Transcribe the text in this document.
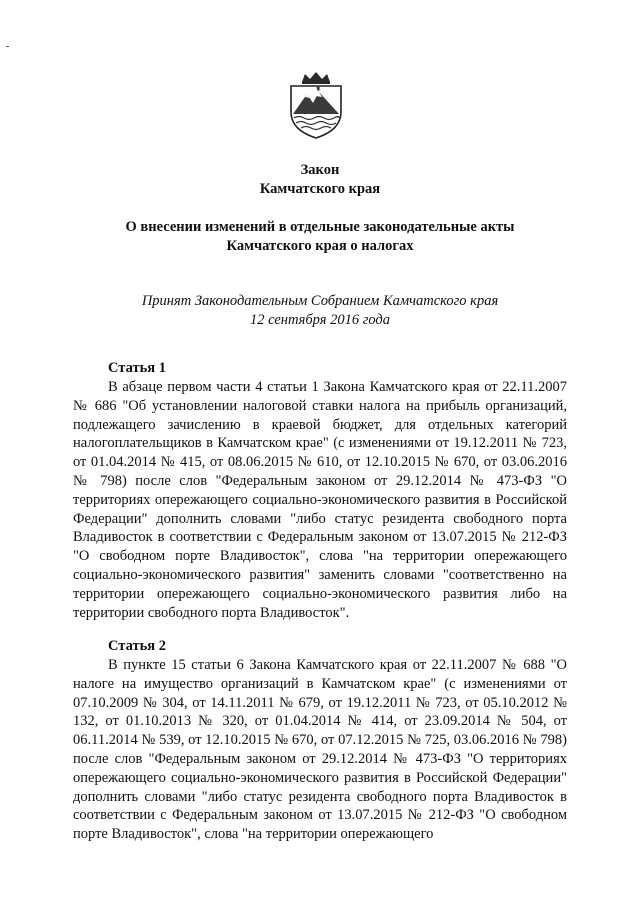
Закон
Камчатского края
О внесении изменений в отдельные законодательные акты
Камчатского края о налогах
Принят Законодательным Собранием Камчатского края
12 сентября 2016 года
Статья 1

В абзаце первом части 4 статьи 1 Закона Камчатского края от 22.11.2007 № 686 "Об установлении налоговой ставки налога на прибыль организаций, подлежащего зачислению в краевой бюджет, для отдельных категорий налогоплательщиков в Камчатском крае" (с изменениями от 19.12.2011 № 723, от 01.04.2014 № 415, от 08.06.2015 № 610, от 12.10.2015 № 670, от 03.06.2016 № 798) после слов "Федеральным законом от 29.12.2014 № 473-ФЗ "О территориях опережающего социально-экономического развития в Российской Федерации" дополнить словами "либо статус резидента свободного порта Владивосток в соответствии с Федеральным законом от 13.07.2015 № 212-ФЗ "О свободном порте Владивосток", слова "на территории опережающего социально-экономического развития" заменить словами "соответственно на территории опережающего социально-экономического развития либо на территории свободного порта Владивосток".

Статья 2

В пункте 15 статьи 6 Закона Камчатского края от 22.11.2007 № 688 "О налоге на имущество организаций в Камчатском крае" (с изменениями от 07.10.2009 № 304, от 14.11.2011 № 679, от 19.12.2011 № 723, от 05.10.2012 № 132, от 01.10.2013 № 320, от 01.04.2014 № 414, от 23.09.2014 № 504, от 06.11.2014 № 539, от 12.10.2015 № 670, от 07.12.2015 № 725, 03.06.2016 № 798) после слов "Федеральным законом от 29.12.2014 № 473-ФЗ "О территориях опережающего социально-экономического развития в Российской Федерации" дополнить словами "либо статус резидента свободного порта Владивосток в соответствии с Федеральным законом от 13.07.2015 № 212-ФЗ "О свободном порте Владивосток", слова "на территории опережающего
